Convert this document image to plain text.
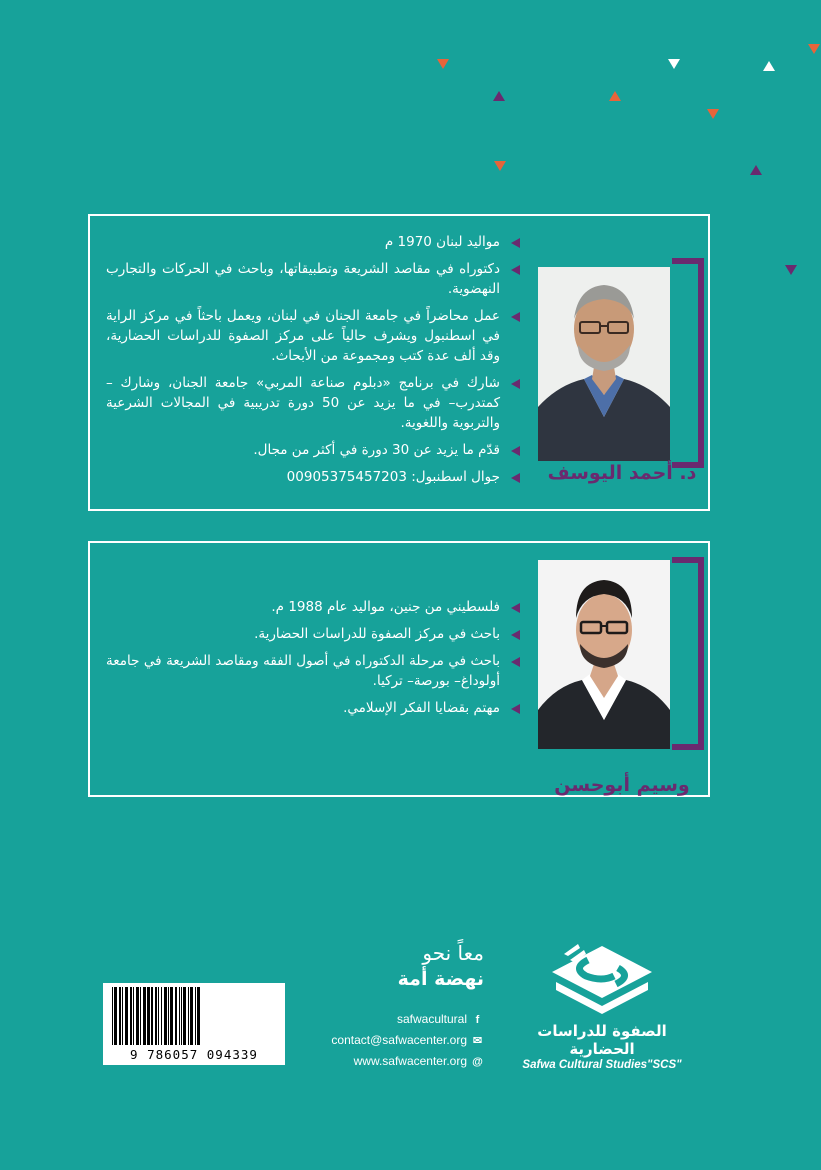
د. أحمد اليوسف
مواليد لبنان 1970 م
دكتوراه في مقاصد الشريعة وتطبيقاتها، وباحث في الحركات والتجارب النهضوية.
عمل محاضراً في جامعة الجنان في لبنان، ويعمل باحثاً في مركز الراية في اسطنبول ويشرف حالياً على مركز الصفوة للدراسات الحضارية، وقد ألف عدة كتب ومجموعة من الأبحاث.
شارك في برنامج «دبلوم صناعة المربي» جامعة الجنان، وشارك –كمتدرب– في ما يزيد عن 50 دورة تدريبية في المجالات الشرعية والتربوية واللغوية.
قدّم ما يزيد عن 30 دورة في أكثر من مجال.
جوال اسطنبول: 00905375457203
وسيم أبوحسن
فلسطيني من جنين، مواليد عام 1988 م.
باحث في مركز الصفوة للدراسات الحضارية.
باحث في مرحلة الدكتوراه في أصول الفقه ومقاصد الشريعة في جامعة أولوداغ– بورصة– تركيا.
مهتم بقضايا الفكر الإسلامي.
9 786057 094339
معاً نحو
نهضة أمة
safwacultural f
contact@safwacenter.org ✉
www.safwacenter.org @
الصفوة للدراسات الحضارية
Safwa Cultural Studies"SCS"
